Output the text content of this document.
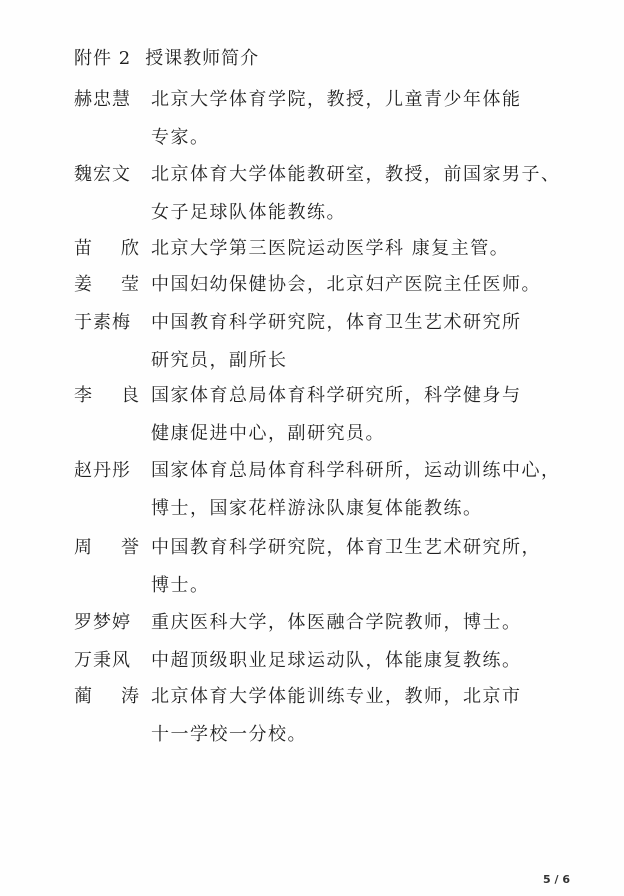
附件 2 授课教师简介
赫忠慧	北京大学体育学院，教授，儿童青少年体能
专家。
魏宏文	北京体育大学体能教研室，教授，前国家男子、
女子足球队体能教练。
苗 欣 北京大学第三医院运动医学科 康复主管。
姜 莹 中国妇幼保健协会，北京妇产医院主任医师。
于素梅	中国教育科学研究院，体育卫生艺术研究所
研究员，副所长
李 良 国家体育总局体育科学研究所，科学健身与
健康促进中心，副研究员。
赵丹彤	国家体育总局体育科学科研所，运动训练中心，
博士，国家花样游泳队康复体能教练。
周 誉 中国教育科学研究院，体育卫生艺术研究所，
博士。
罗梦婷	重庆医科大学，体医融合学院教师，博士。
万秉风	中超顶级职业足球运动队，体能康复教练。
蔺 涛 北京体育大学体能训练专业，教师，北京市
十一学校一分校。
5 / 6
